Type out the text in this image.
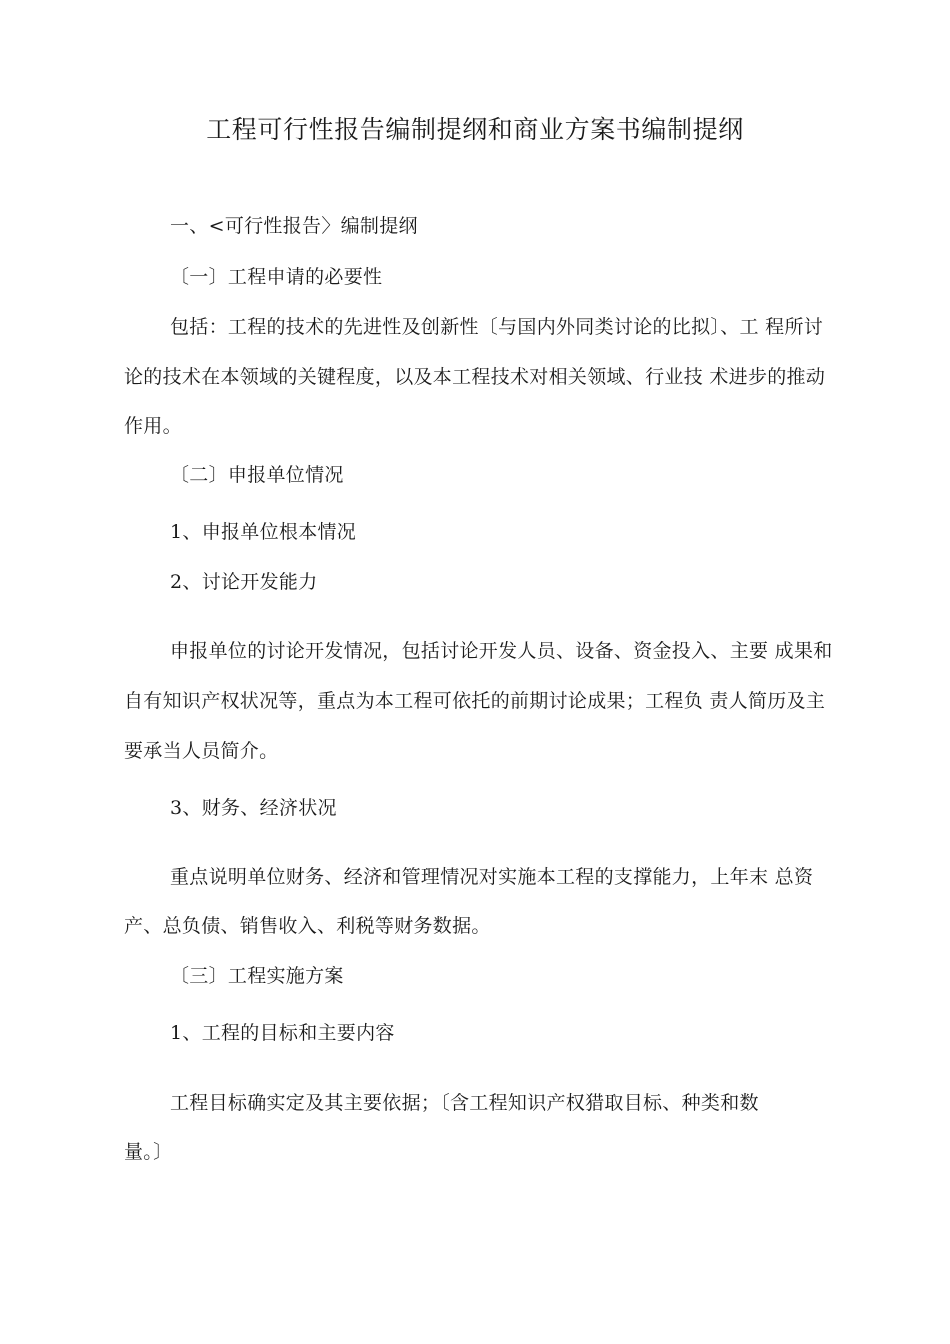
工程可行性报告编制提纲和商业方案书编制提纲
一、<可行性报告〉编制提纲
〔一〕工程申请的必要性
包括：工程的技术的先进性及创新性〔与国内外同类讨论的比拟〕、工 程所讨
论的技术在本领域的关键程度，以及本工程技术对相关领域、行业技 术进步的推动
作用。
〔二〕申报单位情况
1、申报单位根本情况
2、讨论开发能力
申报单位的讨论开发情况，包括讨论开发人员、设备、资金投入、主要 成果和
自有知识产权状况等，重点为本工程可依托的前期讨论成果；工程负 责人简历及主
要承当人员简介。
3、财务、经济状况
重点说明单位财务、经济和管理情况对实施本工程的支撑能力，上年末 总资
产、总负债、销售收入、利税等财务数据。
〔三〕工程实施方案
1、工程的目标和主要内容
工程目标确实定及其主要依据；〔含工程知识产权猎取目标、种类和数
量。〕
